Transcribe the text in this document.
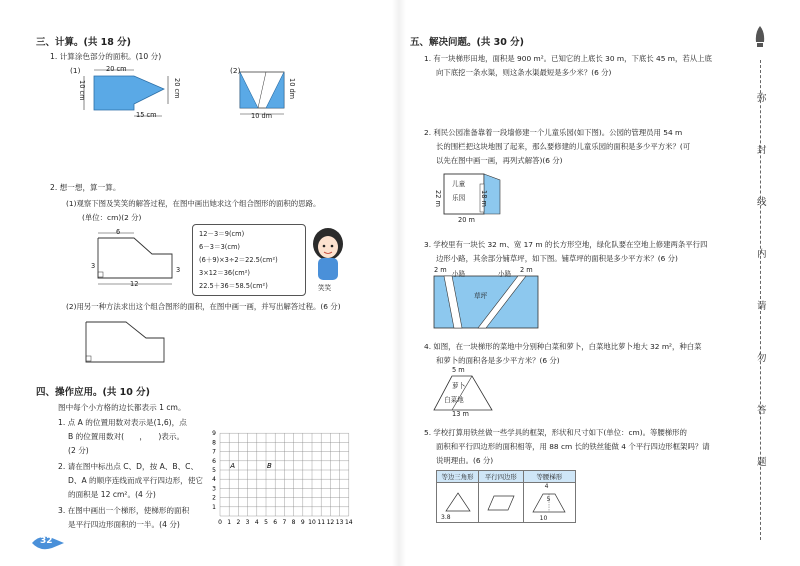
三、计算。(共 18 分)
1. 计算涂色部分的面积。(10 分)
(1)	20 cm
10 cm	20 cm
15 cm
(2)
10 dm
10 dm
2. 想一想，算一算。
(1)观察下图及笑笑的解答过程，在图中画出她求这个组合图形的面积的思路。
(单位：cm)(2 分)
6
3	3
12
12－3＝9(cm)
6－3＝3(cm)
(6＋9)×3÷2＝22.5(cm²)
3×12＝36(cm²)
22.5＋36＝58.5(cm²)	笑笑
(2)用另一种方法求出这个组合图形的面积，在图中画一画，并写出解答过程。(6 分)
四、操作应用。(共 10 分)
图中每个小方格的边长都表示 1 cm。
1. 点 A 的位置用数对表示是(1,6)，点
B 的位置用数对(　　，　　)表示。
(2 分)
2. 请在图中标出点 C、D，按 A、B、C、
D、A 的顺序连线而成平行四边形，使它
的面积是 12 cm²。(4 分)
3. 在图中画出一个梯形，使梯形的面积
是平行四边形面积的一半。(4 分)	0 1 2 3 4 5 6 7 8 9 10 11 12 13 14
9
8
7
6
5
4
3
2
1
A	B
32
五、解决问题。(共 30 分)
1. 有一块梯形田地，面积是 900 m²。已知它的上底长 30 m，下底长 45 m，若从上底
向下底挖一条水渠，则这条水渠最短是多少米？(6 分)
2. 利民公园准备靠着一段墙修建一个儿童乐园(如下图)。公园的管理员用 54 m
长的围栏把这块地围了起来，那么要修建的儿童乐园的面积是多少平方米？(可
以先在图中画一画，再列式解答)(6 分)
儿童
乐园
22 m	18 m
20 m
3. 学校里有一块长 32 m、宽 17 m 的长方形空地，绿化队要在空地上修建两条平行四
边形小路，其余部分铺草坪，如下图。铺草坪的面积是多少平方米？(6 分)
2 m 小路	小路 2 m
草坪
4. 如图，在一块梯形的菜地中分别种白菜和萝卜，白菜地比萝卜地大 32 m²，种白菜
和萝卜的面积各是多少平方米？(6 分)
5 m
萝卜
白菜地
13 m
5. 学校打算用铁丝做一些学具的框架，形状和尺寸如下(单位：cm)。等腰梯形的
面积和平行四边形的面积相等，用 88 cm 长的铁丝能做 4 个平行四边形框架吗？请
说明理由。(6 分)
等边三角形	平行四边形	等腰梯形

3.8		4
5
10
弥
封
线
内
请
勿
答
题
